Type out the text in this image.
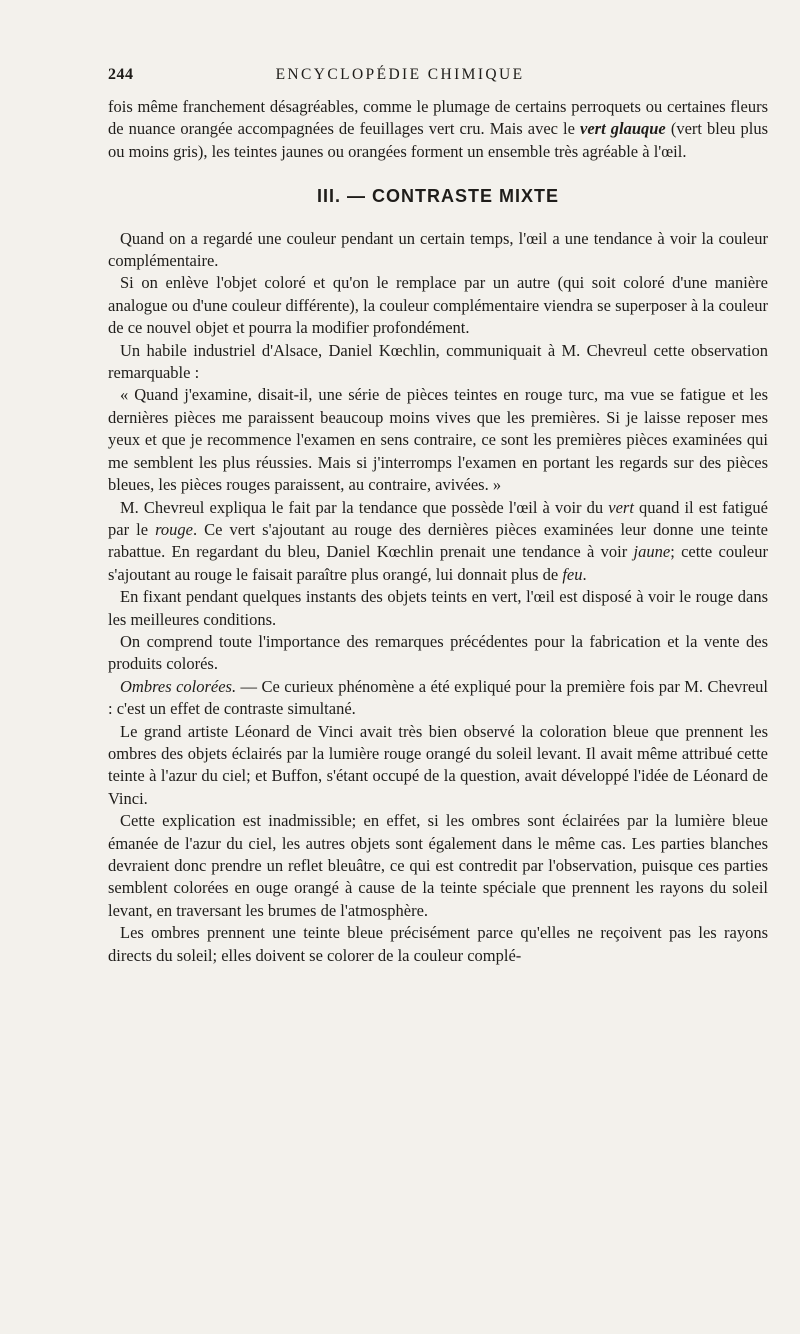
244	ENCYCLOPÉDIE CHIMIQUE

fois même franchement désagréables, comme le plumage de certains perroquets ou certaines fleurs de nuance orangée accompagnées de feuillages vert cru. Mais avec le vert glauque (vert bleu plus ou moins gris), les teintes jaunes ou orangées forment un ensemble très agréable à l'œil.

III. — CONTRASTE MIXTE

Quand on a regardé une couleur pendant un certain temps, l'œil a une tendance à voir la couleur complémentaire.

Si on enlève l'objet coloré et qu'on le remplace par un autre (qui soit coloré d'une manière analogue ou d'une couleur différente), la couleur complémentaire viendra se superposer à la couleur de ce nouvel objet et pourra la modifier profondément.

Un habile industriel d'Alsace, Daniel Kœchlin, communiquait à M. Chevreul cette observation remarquable :

« Quand j'examine, disait-il, une série de pièces teintes en rouge turc, ma vue se fatigue et les dernières pièces me paraissent beaucoup moins vives que les premières. Si je laisse reposer mes yeux et que je recommence l'examen en sens contraire, ce sont les premières pièces examinées qui me semblent les plus réussies. Mais si j'interromps l'examen en portant les regards sur des pièces bleues, les pièces rouges paraissent, au contraire, avivées. »

M. Chevreul expliqua le fait par la tendance que possède l'œil à voir du vert quand il est fatigué par le rouge. Ce vert s'ajoutant au rouge des dernières pièces examinées leur donne une teinte rabattue. En regardant du bleu, Daniel Kœchlin prenait une tendance à voir jaune; cette couleur s'ajoutant au rouge le faisait paraître plus orangé, lui donnait plus de feu.

En fixant pendant quelques instants des objets teints en vert, l'œil est disposé à voir le rouge dans les meilleures conditions.

On comprend toute l'importance des remarques précédentes pour la fabrication et la vente des produits colorés.

Ombres colorées. — Ce curieux phénomène a été expliqué pour la première fois par M. Chevreul : c'est un effet de contraste simultané.

Le grand artiste Léonard de Vinci avait très bien observé la coloration bleue que prennent les ombres des objets éclairés par la lumière rouge orangé du soleil levant. Il avait même attribué cette teinte à l'azur du ciel; et Buffon, s'étant occupé de la question, avait développé l'idée de Léonard de Vinci.

Cette explication est inadmissible; en effet, si les ombres sont éclairées par la lumière bleue émanée de l'azur du ciel, les autres objets sont également dans le même cas. Les parties blanches devraient donc prendre un reflet bleuâtre, ce qui est contredit par l'observation, puisque ces parties semblent colorées en ouge orangé à cause de la teinte spéciale que prennent les rayons du soleil levant, en traversant les brumes de l'atmosphère.

Les ombres prennent une teinte bleue précisément parce qu'elles ne reçoivent pas les rayons directs du soleil; elles doivent se colorer de la couleur complé-
